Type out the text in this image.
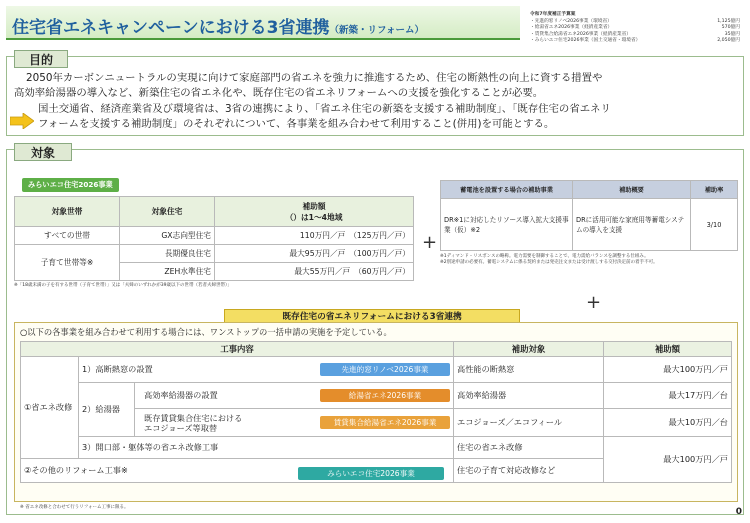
住宅省エネキャンペーンにおける3省連携（新築・リフォーム）
令和7年度補正予算案
・先進的窓リノベ2026事業（環境省）	1,125億円
・給湯省エネ2026事業（経済産業省）	570億円
・賃貸集合給湯省エネ2026事業（経済産業省）	35億円
・みらいエコ住宅2026事業（国土交通省・環境省）	2,050億円
目的
2050年カーボンニュートラルの実現に向けて家庭部門の省エネを強力に推進するため、住宅の断熱性の向上に資する措置や
高効率給湯器の導入など、新築住宅の省エネ化や、既存住宅の省エネリフォームへの支援を強化することが必要。
国土交通省、経済産業省及び環境省は、3省の連携により、「省エネ住宅の新築を支援する補助制度」、「既存住宅の省エネリ
フォームを支援する補助制度」のそれぞれについて、各事業を組み合わせて利用すること(併用)を可能とする。
対象
みらいエコ住宅2026事業
対象世帯	対象住宅	補助額
（）は1～4地域

すべての世帯	GX志向型住宅	110万円／戸　 （125万円／戸）
子育て世帯等※	長期優良住宅	最大95万円／戸　 （100万円／戸）
	ZEH水準住宅	最大55万円／戸　 （60万円／戸）
※「18歳未満の子を有する世帯（子育て世帯）」又は「夫婦のいずれかが39歳以下の世帯（若者夫婦世帯）」
+
蓄電池を設置する場合の補助事業	補助概要	補助率
DR※1に対応したリソース導入拡大支援事業（仮）※2	DRに活用可能な家庭用等蓄電システムの導入を支援	3/10
※1ディマンド・リスポンスの略称。電力需要を制御することで、電力需給バランスを調整する仕組み。
※2別途申請の必要有。蓄電システムに係る契約または発売注文または受け渡しする交付決定前の着手不可。
+
既存住宅の省エネリフォームにおける3省連携
○以下の各事業を組み合わせて利用する場合には、ワンストップの一括申請の実施を予定している。
工事内容			補助対象	補助額
①省エネ改修	1）高断熱窓の設置 先進的窓リノベ2026事業		高性能の断熱窓	最大100万円／戸
	2）給湯器	高効率給湯器の設置 給湯省エネ2026事業	高効率給湯器	最大17万円／台

		既存賃貸集合住宅における
エコジョーズ等取替 賃貸集合給湯省エネ2026事業	エコジョーズ／エコフィール	最大10万円／台
	3）開口部・躯体等の省エネ改修工事		住宅の省エネ改修	最大100万円／戸
②その他のリフォーム工事※			住宅の子育て対応改修など	
みらいエコ住宅2026事業
※ 省エネ改修と合わせて行うリフォーム工事に限る。	0
